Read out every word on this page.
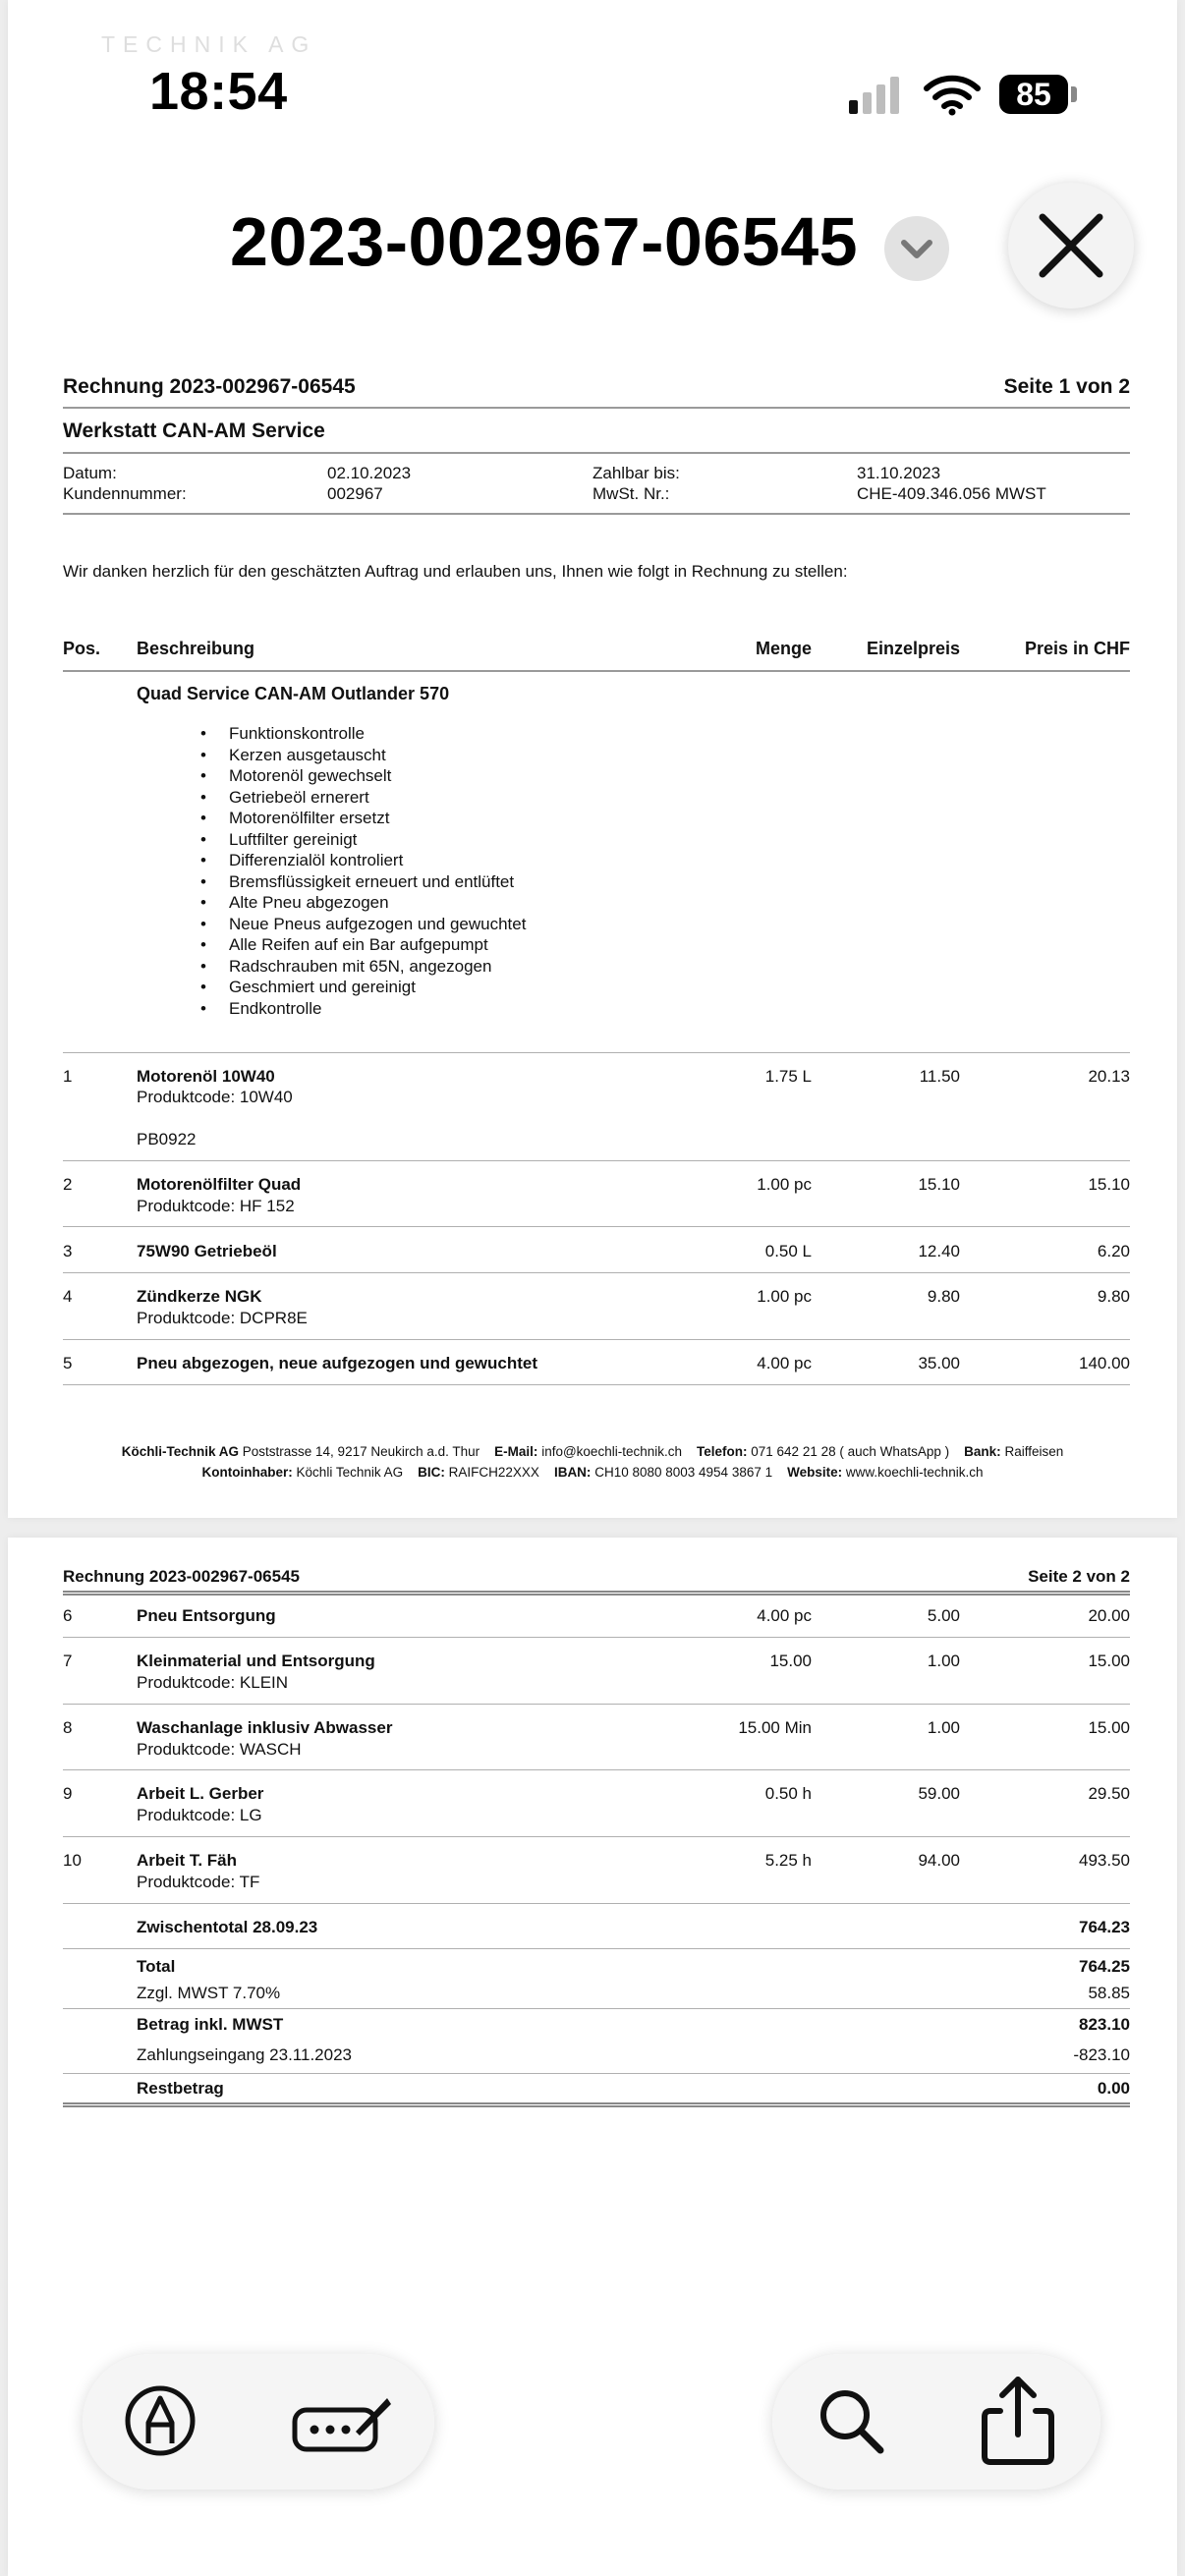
TECHNIK AG
Rechnung 2023-002967-06545	Seite 1 von 2
Werkstatt CAN-AM Service
Datum:	02.10.2023	Zahlbar bis:	31.10.2023
Kundennummer:	002967	MwSt. Nr.:	CHE-409.346.056 MWST
Wir danken herzlich für den geschätzten Auftrag und erlauben uns, Ihnen wie folgt in Rechnung zu stellen:
Pos. Beschreibung	Menge	Einzelpreis	Preis in CHF
Quad Service CAN-AM Outlander 570
• Funktionskontrolle
• Kerzen ausgetauscht
• Motorenöl gewechselt
• Getriebeöl ernerert
• Motorenölfilter ersetzt
• Luftfilter gereinigt
• Differenzialöl kontroliert
• Bremsflüssigkeit erneuert und entlüftet
• Alte Pneu abgezogen
• Neue Pneus aufgezogen und gewuchtet
• Alle Reifen auf ein Bar aufgepumpt
• Radschrauben mit 65N, angezogen
• Geschmiert und gereinigt
• Endkontrolle
1	Motorenöl 10W40
Produktcode: 10W40
PB0922
1.75 L	11.50	20.13
2	Motorenölfilter Quad
Produktcode: HF 152
1.00 pc	15.10	15.10
3	75W90 Getriebeöl	0.50 L	12.40	6.20
4	Zündkerze NGK
Produktcode: DCPR8E
1.00 pc	9.80	9.80
5	Pneu abgezogen, neue aufgezogen und gewuchtet	4.00 pc	35.00	140.00
Köchli-Technik AG Poststrasse 14, 9217 Neukirch a.d. Thur E-Mail: info@koechli-technik.ch Telefon: 071 642 21 28 ( auch WhatsApp ) Bank: Raiffeisen
Kontoinhaber: Köchli Technik AG BIC: RAIFCH22XXX IBAN: CH10 8080 8003 4954 3867 1 Website: www.koechli-technik.ch
Rechnung 2023-002967-06545	Seite 2 von 2
6	Pneu Entsorgung	4.00 pc	5.00	20.00
7	Kleinmaterial und Entsorgung
Produktcode: KLEIN
15.00	1.00	15.00
8	Waschanlage inklusiv Abwasser
Produktcode: WASCH
15.00 Min	1.00	15.00
9	Arbeit L. Gerber
Produktcode: LG
0.50 h	59.00	29.50
10	Arbeit T. Fäh
Produktcode: TF
5.25 h	94.00	493.50
Zwischentotal 28.09.23	764.23
Total	764.25
Zzgl. MWST 7.70%	58.85
Betrag inkl. MWST	823.10
Zahlungseingang 23.11.2023	-823.10
Restbetrag	0.00
18:54	85
2023-002967-06545
